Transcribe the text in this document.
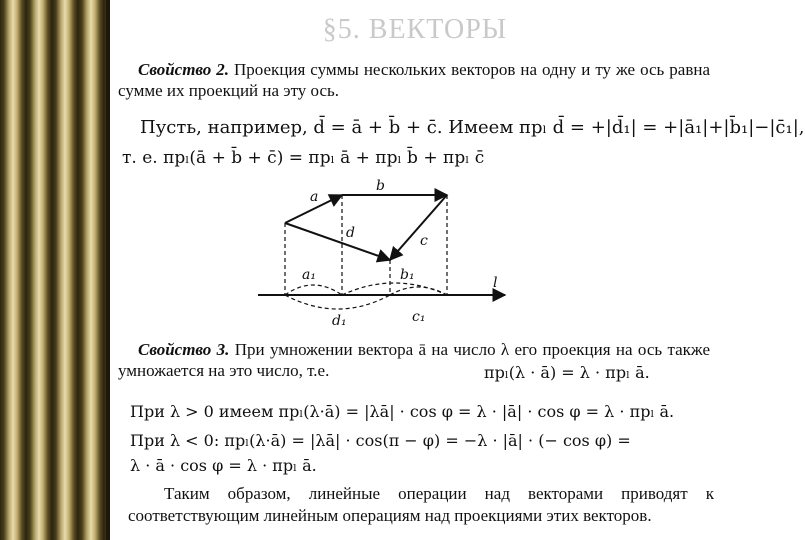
§5. ВЕКТОРЫ
Свойство 2. Проекция суммы нескольких векторов на одну и ту же ось равна сумме их проекций на эту ось.
Пусть, например, d̄ = ā + b̄ + c̄. Имеем прₗ d̄ = +|d̄₁| = +|ā₁|+|b̄₁|−|c̄₁|,
т. е. прₗ(ā + b̄ + c̄) = прₗ ā + прₗ b̄ + прₗ c̄
a
b
c
d
a₁	b₁
c₁
d₁
l
Свойство 3. При умножении вектора ā на число λ его проекция на ось также умножается на это число, т.е.	прₗ(λ · ā) = λ · прₗ ā.
При λ > 0 имеем прₗ(λ·ā) = |λā| · cos φ = λ · |ā| · cos φ = λ · прₗ ā.
При λ < 0: прₗ(λ·ā) = |λā| · cos(π − φ) = −λ · |ā| · (− cos φ) =
λ · ā · cos φ = λ · прₗ ā.
Таким образом, линейные операции над векторами приводят к соответствующим линейным операциям над проекциями этих векторов.
